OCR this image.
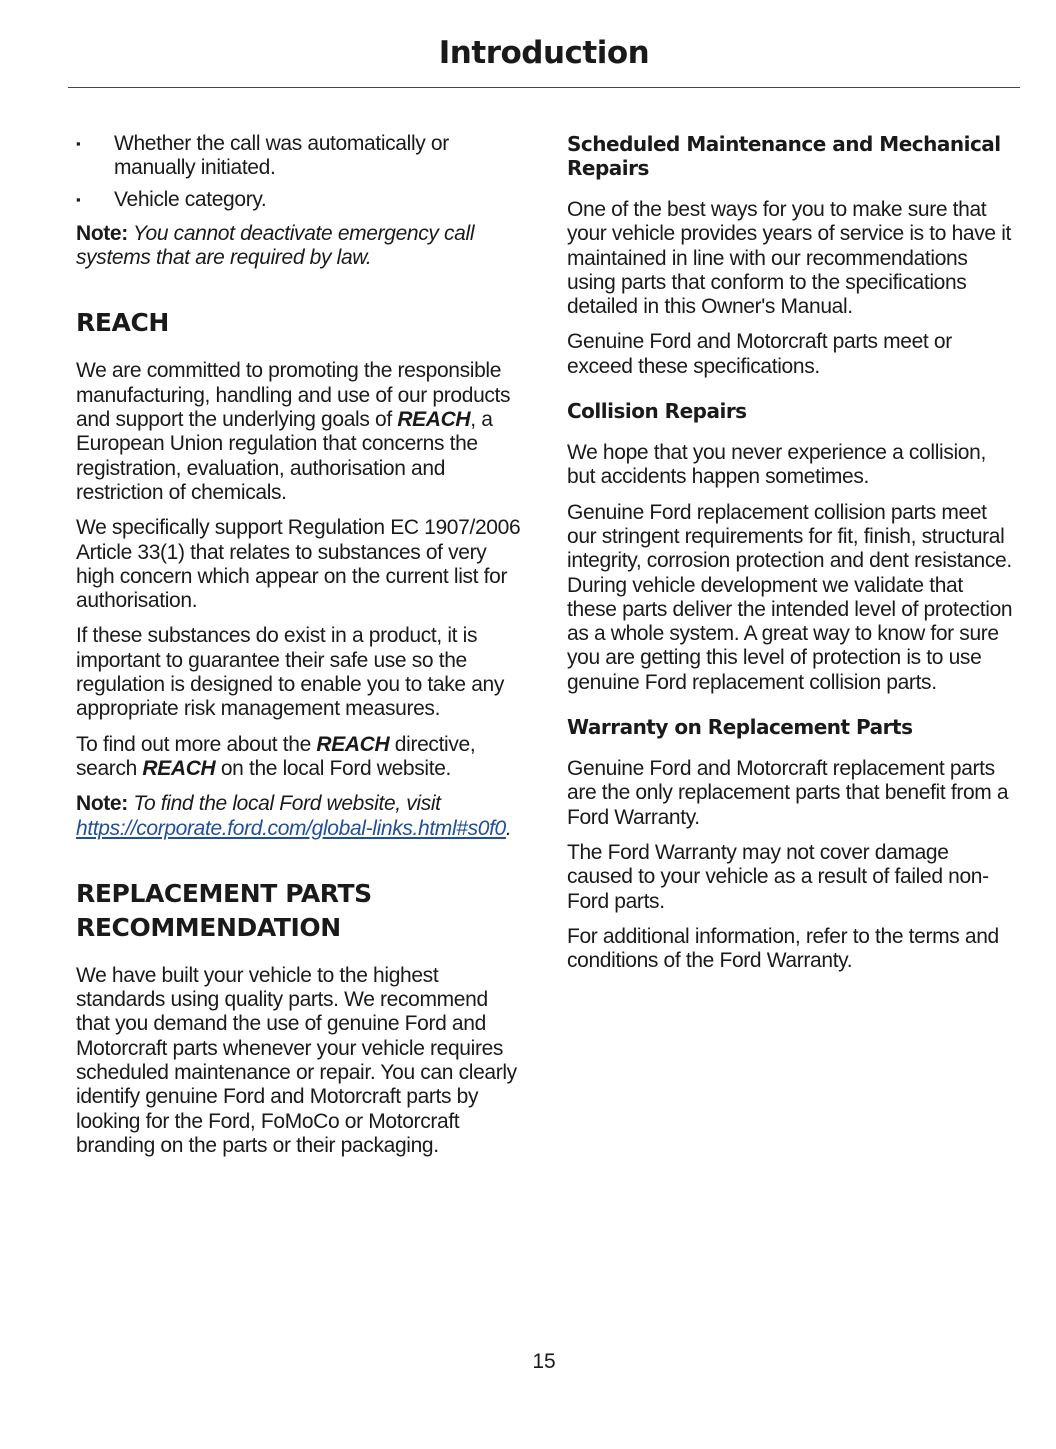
Introduction
▪ Whether the call was automatically or manually initiated.
▪ Vehicle category.

Note: You cannot deactivate emergency call systems that are required by law.

REACH

We are committed to promoting the responsible manufacturing, handling and use of our products and support the underlying goals of REACH, a European Union regulation that concerns the registration, evaluation, authorisation and restriction of chemicals.

We specifically support Regulation EC 1907/2006 Article 33(1) that relates to substances of very high concern which appear on the current list for authorisation.

If these substances do exist in a product, it is important to guarantee their safe use so the regulation is designed to enable you to take any appropriate risk management measures.

To find out more about the REACH directive, search REACH on the local Ford website.

Note: To find the local Ford website, visit https://corporate.ford.com/global-links.html#s0f0.

REPLACEMENT PARTS RECOMMENDATION

We have built your vehicle to the highest standards using quality parts. We recommend that you demand the use of genuine Ford and Motorcraft parts whenever your vehicle requires scheduled maintenance or repair. You can clearly identify genuine Ford and Motorcraft parts by looking for the Ford, FoMoCo or Motorcraft branding on the parts or their packaging.

Scheduled Maintenance and Mechanical Repairs

One of the best ways for you to make sure that your vehicle provides years of service is to have it maintained in line with our recommendations using parts that conform to the specifications detailed in this Owner's Manual.

Genuine Ford and Motorcraft parts meet or exceed these specifications.

Collision Repairs

We hope that you never experience a collision, but accidents happen sometimes.

Genuine Ford replacement collision parts meet our stringent requirements for fit, finish, structural integrity, corrosion protection and dent resistance. During vehicle development we validate that these parts deliver the intended level of protection as a whole system. A great way to know for sure you are getting this level of protection is to use genuine Ford replacement collision parts.

Warranty on Replacement Parts

Genuine Ford and Motorcraft replacement parts are the only replacement parts that benefit from a Ford Warranty.

The Ford Warranty may not cover damage caused to your vehicle as a result of failed non-Ford parts.

For additional information, refer to the terms and conditions of the Ford Warranty.

15
